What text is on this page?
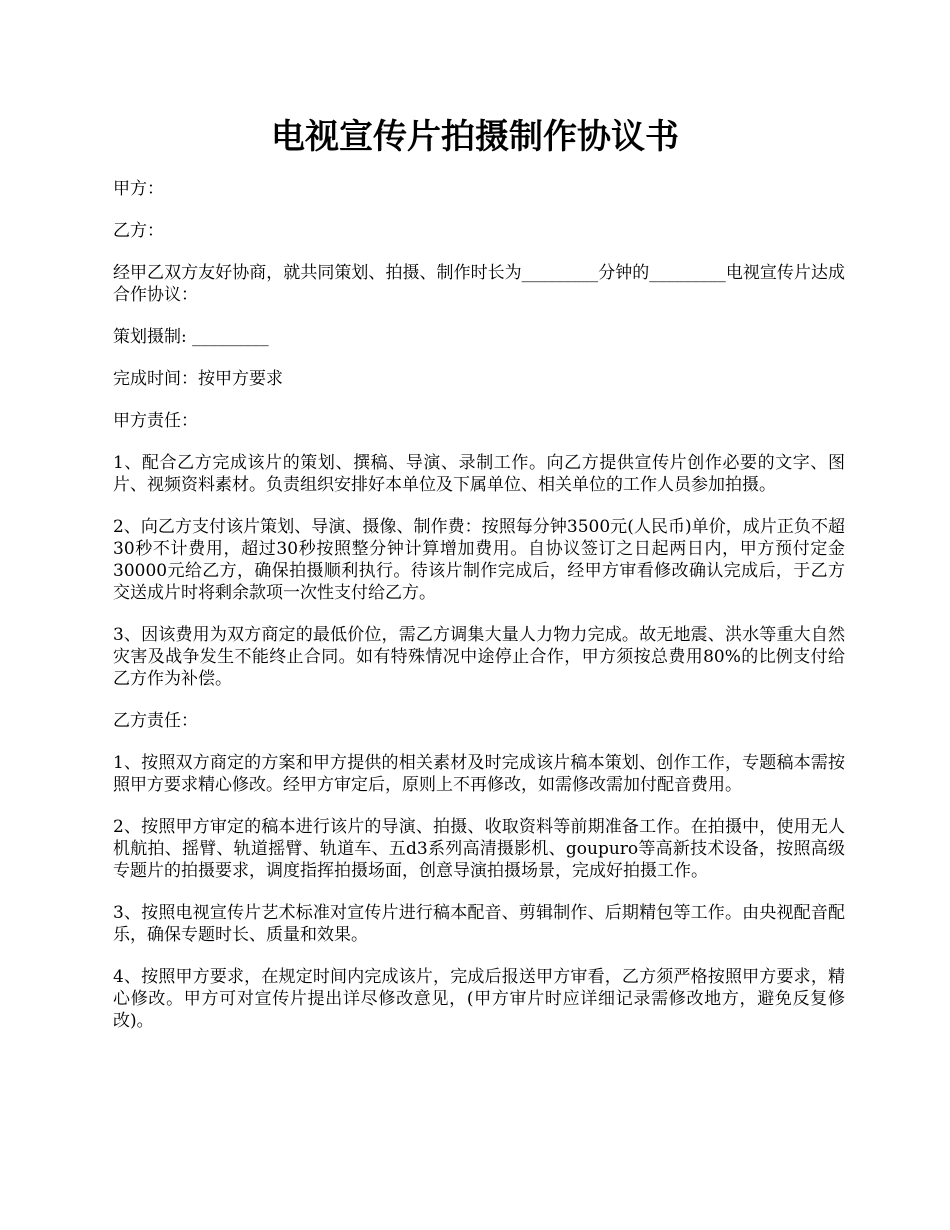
电视宣传片拍摄制作协议书

甲方：

乙方：

经甲乙双方友好协商，就共同策划、拍摄、制作时长为_________分钟的_________电视宣传片达成合作协议：

策划摄制: _________

完成时间：按甲方要求

甲方责任：

1、配合乙方完成该片的策划、撰稿、导演、录制工作。向乙方提供宣传片创作必要的文字、图片、视频资料素材。负责组织安排好本单位及下属单位、相关单位的工作人员参加拍摄。

2、向乙方支付该片策划、导演、摄像、制作费：按照每分钟3500元(人民币)单价，成片正负不超30秒不计费用，超过30秒按照整分钟计算增加费用。自协议签订之日起两日内，甲方预付定金30000元给乙方，确保拍摄顺利执行。待该片制作完成后，经甲方审看修改确认完成后，于乙方交送成片时将剩余款项一次性支付给乙方。

3、因该费用为双方商定的最低价位，需乙方调集大量人力物力完成。故无地震、洪水等重大自然灾害及战争发生不能终止合同。如有特殊情况中途停止合作，甲方须按总费用80%的比例支付给乙方作为补偿。

乙方责任：

1、按照双方商定的方案和甲方提供的相关素材及时完成该片稿本策划、创作工作，专题稿本需按照甲方要求精心修改。经甲方审定后，原则上不再修改，如需修改需加付配音费用。

2、按照甲方审定的稿本进行该片的导演、拍摄、收取资料等前期准备工作。在拍摄中，使用无人机航拍、摇臂、轨道摇臂、轨道车、五d3系列高清摄影机、goupuro等高新技术设备，按照高级专题片的拍摄要求，调度指挥拍摄场面，创意导演拍摄场景，完成好拍摄工作。

3、按照电视宣传片艺术标准对宣传片进行稿本配音、剪辑制作、后期精包等工作。由央视配音配乐，确保专题时长、质量和效果。

4、按照甲方要求，在规定时间内完成该片，完成后报送甲方审看，乙方须严格按照甲方要求，精心修改。甲方可对宣传片提出详尽修改意见，(甲方审片时应详细记录需修改地方，避免反复修改)。
